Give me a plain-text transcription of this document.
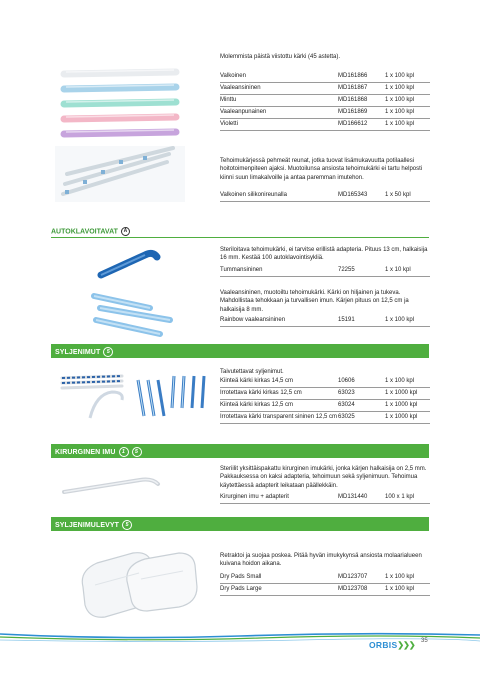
Molemmista päistä viistottu kärki (45 astetta).
Valkoinen	MD161866	1 x 100 kpl
Vaaleansininen	MD161867	1 x 100 kpl
Minttu	MD161868	1 x 100 kpl
Vaaleanpunainen	MD161869	1 x 100 kpl
Violetti	MD166612	1 x 100 kpl
Tehoimukärjessä pehmeät reunat, jotka tuovat lisämukavuutta potilaallesi hoitotoimenpiteen ajaksi. Muotoilunsa ansiosta tehoimukärki ei tartu helposti kiinni suun limakalvoille ja antaa paremman imutehon.
Valkoinen silikonireunalla	MD165343	1 x 50 kpl
AUTOKLAVOITAVAT A
Steriloitava tehoimukärki, ei tarvitse erillistä adapteria. Pituus 13 cm, halkaisija 16 mm. Kestää 100 autoklavointisykliä.
Tummansininen	72255	1 x 10 kpl
Vaaleansininen, muotoiltu tehoimukärki. Kärki on hiljainen ja tukeva. Mahdollistaa tehokkaan ja turvallisen imun. Kärjen pituus on 12,5 cm ja halkaisija 8 mm.
Rainbow vaaleansininen	15191	1 x 100 kpl
SYLJENIMUT 5
Taivutettavat syljenimut.
Kiinteä kärki kirkas 14,5 cm	10606	1 x 100 kpl
Irrotettava kärki kirkas 12,5 cm	63023	1 x 1000 kpl
Kiinteä kärki kirkas 12,5 cm	63024	1 x 1000 kpl
Irrotettava kärki transparent sininen 12,5 cm 63025	1 x 1000 kpl
KIRURGINEN IMU 1 5
Steriilit yksittäispakattu kirurginen imukärki, jonka kärjen halkaisija on 2,5 mm. Pakkauksessa on kaksi adapteria, tehoimuun sekä syljenimuun. Tehoimua käytettäessä adapterit leikataan päällekkäin.
Kirurginen imu + adapterit	MD131440	100 x 1 kpl
SYLJENIMULEVYT 5
Retraktoi ja suojaa poskea. Pitää hyvän imukykynsä ansiosta molaarialueen kuivana hoidon aikana.
Dry Pads Small	MD123707	1 x 100 kpl
Dry Pads Large	MD123708	1 x 100 kpl
ORBIS❯❯❯ 35
